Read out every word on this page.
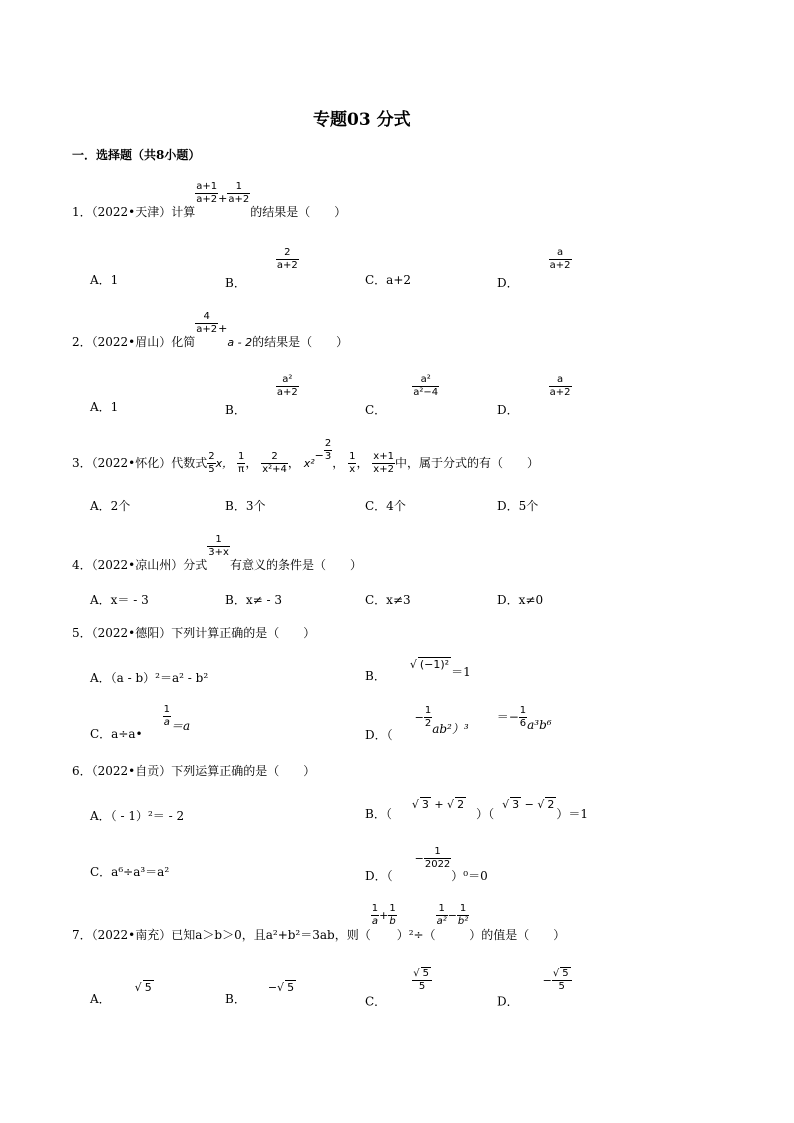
专题03 分式
一．选择题（共8小题）
1．（2022•天津）计算
$\frac{a+1}{a+2} + \frac{1}{a+2}$
的结果是（　　）
A．1	B．
$\frac{2}{a+2}$
C．a+2	D．
$\frac{a}{a+2}$
2．（2022•眉山）化简
$\frac{4}{a+2} +a - 2$的结果是（　　）
A．1	B．
$\frac{\text{a²}}{a+2}$
C．
$\frac{\text{a²}}{\text{a²−4}}$
D．
$\frac{a}{a+2}$
3．（2022•怀化）代数式 $\frac{2}{5}$ x， $\frac{1}{\pi}$ ， $\frac{2}{\text{x²+4}}$ ， $x^2- \frac{2}{3}$ ， $\frac{1}{x}$ ， $\frac{x+1}{x+2}$ 中，属于分式的有（　　）
A．2个	B．3个	C．4个	D．5个
4．（2022•凉山州）分式
$\frac{1}{3+x}$
有意义的条件是（　　）
A．x＝ - 3	B．x≠ - 3	C．x≠3	D．x≠0
5．（2022•德阳）下列计算正确的是（　　）
A．（a - b）²＝a² - b²	B．√ (−1)²＝1
C．a÷a•
$\frac{1}{a} =a$
D．（− $\frac{1}{2} ab^2)^3=- \frac{1}{6} a^3b^6$
6．（2022•自贡）下列运算正确的是（　　）
A．（ - 1）²＝ - 2	B．（√ 3 + √ 2）（√ 3 − √ 2）＝1
C．a⁶÷a³＝a²	D．（− $\frac{1}{2022}$
）⁰＝0
7．（2022•南充）已知a＞b＞0，且a²+b²＝3ab，则（
$\frac{1}{a} + \frac{1}{b}$
）²÷（
$\frac{1}{\text{a²}} - \frac{1}{\text{b²}}$
）的值是（　　）
A．√ 5
B．−√ 5
C．
$\frac{√ 5}{5}$
D．− $\frac{√ 5}{5}$
